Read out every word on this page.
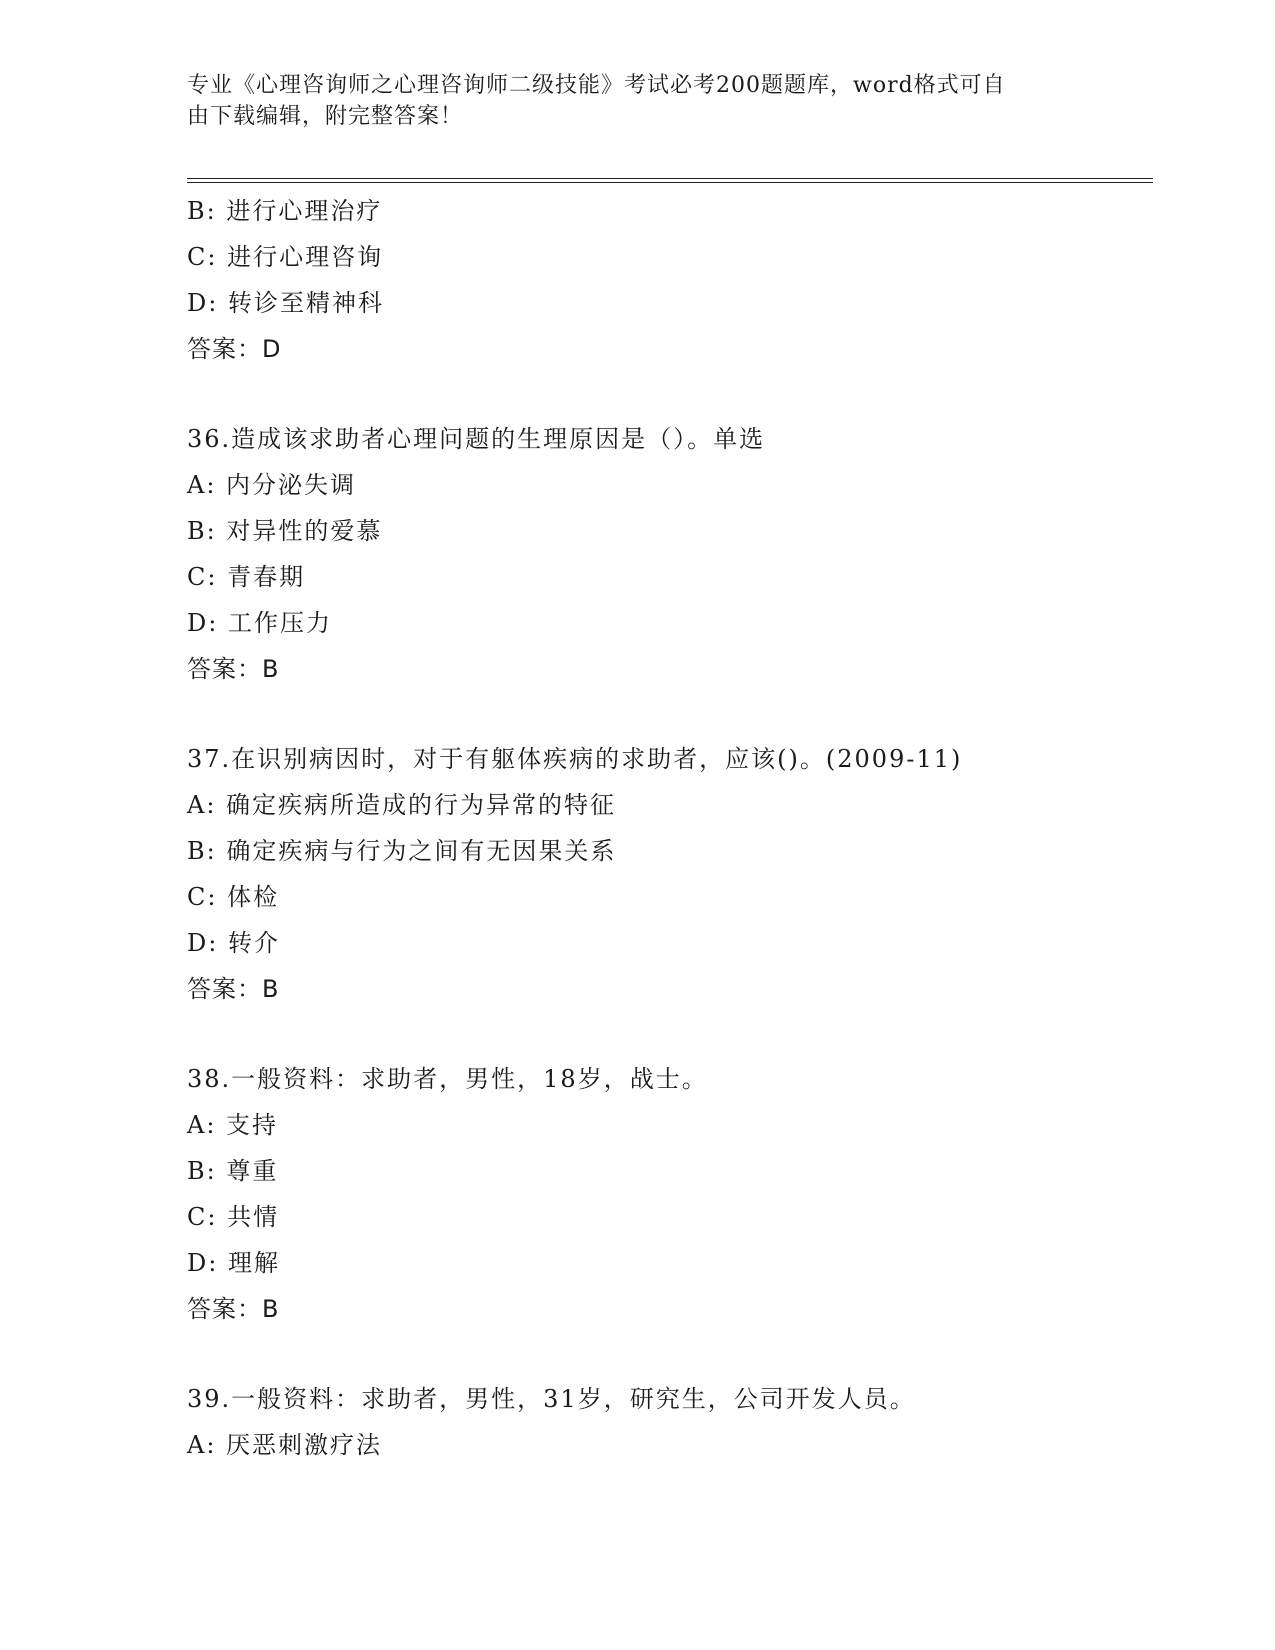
专业《心理咨询师之心理咨询师二级技能》考试必考200题题库，word格式可自
由下载编辑，附完整答案！
B: 进行心理治疗
C: 进行心理咨询
D: 转诊至精神科
答案：D
36.造成该求助者心理问题的生理原因是（）。单选
A: 内分泌失调
B: 对异性的爱慕
C: 青春期
D: 工作压力
答案：B
37.在识别病因时，对于有躯体疾病的求助者，应该()。(2009-11)
A: 确定疾病所造成的行为异常的特征
B: 确定疾病与行为之间有无因果关系
C: 体检
D: 转介
答案：B
38.一般资料：求助者，男性，18岁，战士。
A: 支持
B: 尊重
C: 共情
D: 理解
答案：B
39.一般资料：求助者，男性，31岁，研究生，公司开发人员。
A: 厌恶刺激疗法
